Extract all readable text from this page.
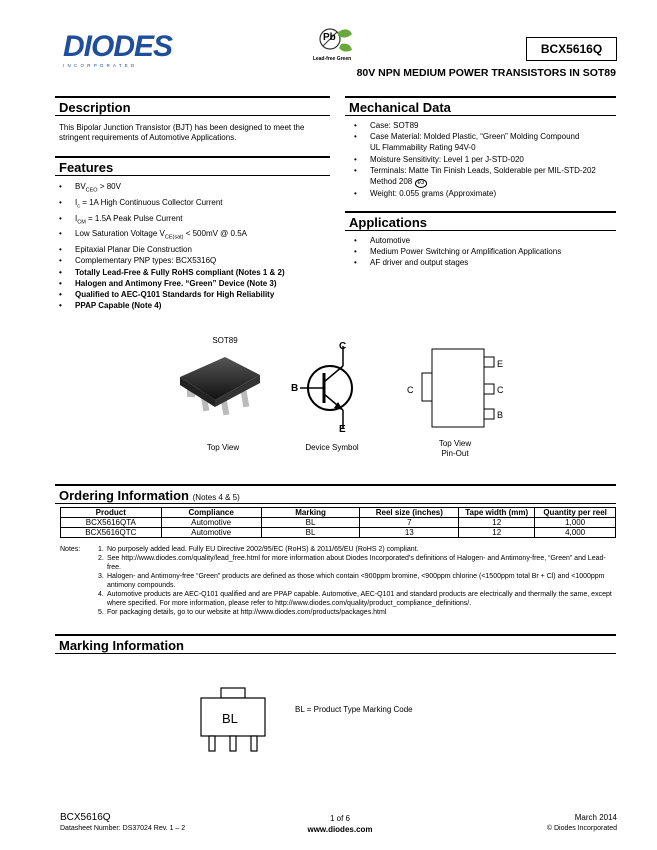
DIODES
I N C O R P O R A T E D
Pb
Lead-free Green
BCX5616Q
80V NPN MEDIUM POWER TRANSISTORS IN SOT89
Description
This Bipolar Junction Transistor (BJT) has been designed to meet the stringent requirements of Automotive Applications.
Features
• $BV_{CEO} > 80V$
• $I_c = 1A$ High Continuous Collector Current
• $I_{CM} = 1.5A$ Peak Pulse Current
• Low Saturation Voltage $V_{CE(sat)} < 500mV$ @ 0.5A
• Epitaxial Planar Die Construction
• Complementary PNP types: BCX5316Q
• Totally Lead-Free & Fully RoHS compliant (Notes 1 & 2)
• Halogen and Antimony Free. “Green” Device (Note 3)
• Qualified to AEC-Q101 Standards for High Reliability
• PPAP Capable (Note 4)
Mechanical Data
• Case: SOT89
• Case Material: Molded Plastic, “Green” Molding Compound
UL Flammability Rating 94V-0
• Moisture Sensitivity: Level 1 per J-STD-020
• Terminals: Matte Tin Finish Leads, Solderable per MIL-STD-202
Method 208 e3
• Weight: 0.055 grams (Approximate)
Applications
• Automotive
• Medium Power Switching or Amplification Applications
• AF driver and output stages
SOT89
Top View
C
B
E
Device Symbol
E
C
B
C
Top View
Pin-Out
Ordering Information (Notes 4 & 5)
Product	Compliance	Marking	Reel size (inches)	Tape width (mm)	Quantity per reel
BCX5616QTA	Automotive	BL	7	12	1,000
BCX5616QTC	Automotive	BL	13	12	4,000
Notes:	1. No purposely added lead. Fully EU Directive 2002/95/EC (RoHS) & 2011/65/EU (RoHS 2) compliant.
2. See http://www.diodes.com/quality/lead_free.html for more information about Diodes Incorporated’s definitions of Halogen- and Antimony-free, “Green” and Lead-free.
3. Halogen- and Antimony-free “Green” products are defined as those which contain <900ppm bromine, <900ppm chlorine (<1500ppm total Br + Cl) and <1000ppm antimony compounds.
4. Automotive products are AEC-Q101 qualified and are PPAP capable. Automotive, AEC-Q101 and standard products are electrically and thermally the same, except where specified. For more information, please refer to http://www.diodes.com/quality/product_compliance_definitions/.
5. For packaging details, go to our website at http://www.diodes.com/products/packages.html
Marking Information
BL
BL = Product Type Marking Code
BCX5616Q
Datasheet Number: DS37024 Rev. 1 – 2
1 of 6
www.diodes.com
March 2014
© Diodes Incorporated
